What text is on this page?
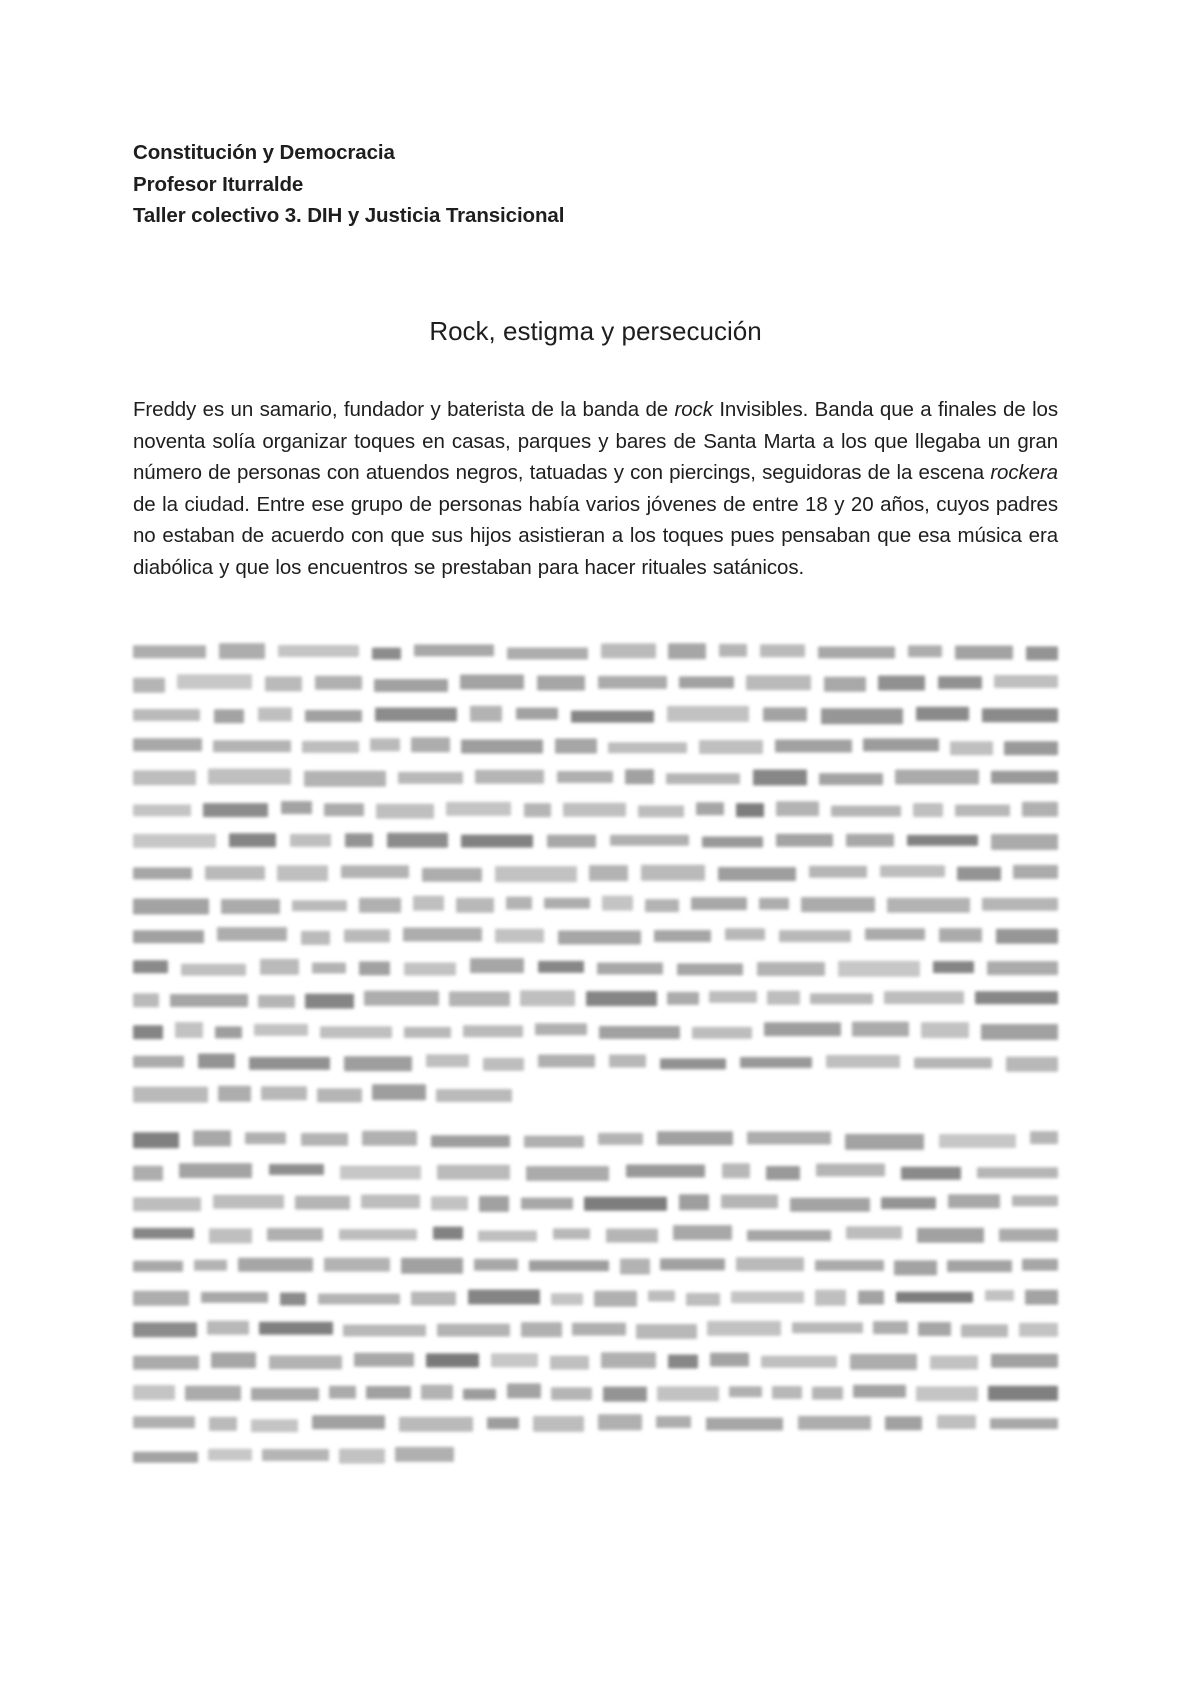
Constitución y Democracia
Profesor Iturralde
Taller colectivo 3. DIH y Justicia Transicional
Rock, estigma y persecución

Freddy es un samario, fundador y baterista de la banda de rock Invisibles. Banda que a finales de los noventa solía organizar toques en casas, parques y bares de Santa Marta a los que llegaba un gran número de personas con atuendos negros, tatuadas y con piercings, seguidoras de la escena rockera de la ciudad. Entre ese grupo de personas había varios jóvenes de entre 18 y 20 años, cuyos padres no estaban de acuerdo con que sus hijos asistieran a los toques pues pensaban que esa música era diabólica y que los encuentros se prestaban para hacer rituales satánicos.
